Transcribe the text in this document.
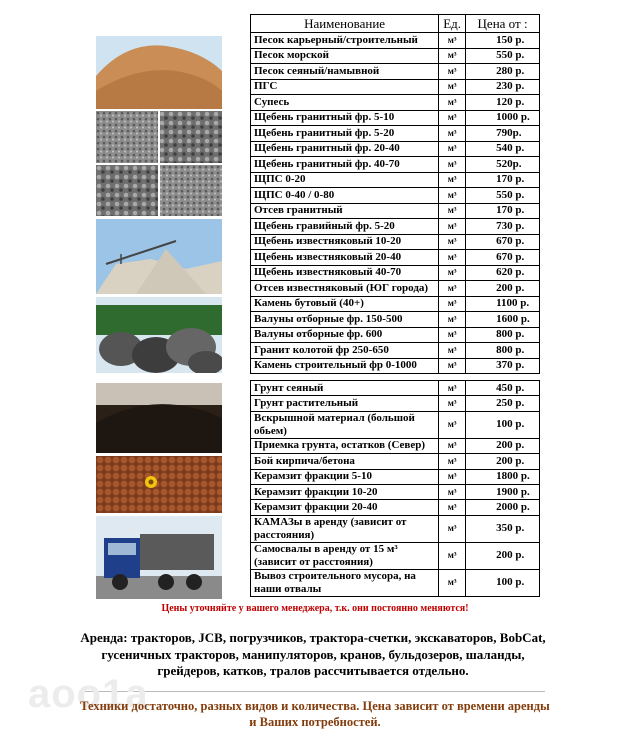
Наименование	Ед.	Цена от :
Песок карьерный/строительный	м³	150 р.
Песок морской	м³	550 р.
Песок сеяный/намывной	м³	280 р.
ПГС	м³	230 р.
Супесь	м³	120 р.
Щебень гранитный фр. 5-10	м³	1000 р.
Щебень гранитный фр. 5-20	м³	790р.
Щебень гранитный фр. 20-40	м³	540 р.
Щебень гранитный фр. 40-70	м³	520р.
ЩПС 0-20	м³	170 р.
ЩПС 0-40 / 0-80	м³	550 р.
Отсев гранитный	м³	170 р.
Щебень гравийный фр. 5-20	м³	730 р.
Щебень известняковый 10-20	м³	670 р.
Щебень известняковый 20-40	м³	670 р.
Щебень известняковый 40-70	м³	620 р.
Отсев известняковый (ЮГ города)	м³	200 р.
Камень бутовый (40+)	м³	1100 р.
Валуны отборные фр. 150-500	м³	1600 р.
Валуны отборные фр. 600	м³	800 р.
Гранит колотой фр 250-650	м³	800 р.
Камень строительный фр 0-1000	м³	370 р.
Грунт сеяный	м³	450 р.
Грунт растительный	м³	250 р.
Вскрышной материал (большой обьем)	м³	100 р.
Приемка грунта, остатков (Север)	м³	200 р.
Бой кирпича/бетона	м³	200 р.
Керамзит фракции 5-10	м³	1800 р.
Керамзит фракции 10-20	м³	1900 р.
Керамзит фракции 20-40	м³	2000 р.
КАМАЗы в аренду (зависит от расстояния)	м³	350 р.
Самосвалы в аренду от 15 м³ (зависит от расстояния)	м³	200 р.
Вывоз строительного мусора, на наши отвалы	м³	100 р.
Цены уточняйте у вашего менеджера, т.к. они постоянно меняются!
Аренда: тракторов, JCB, погрузчиков, трактора-счетки, экскаваторов, BobCat, гусеничных тракторов, манипуляторов, кранов, бульдозеров, шаланды, грейдеров, катков, тралов рассчитывается отдельно.
aoo1a
Техники достаточно, разных видов и количества. Цена зависит от времени аренды и Ваших потребностей.
